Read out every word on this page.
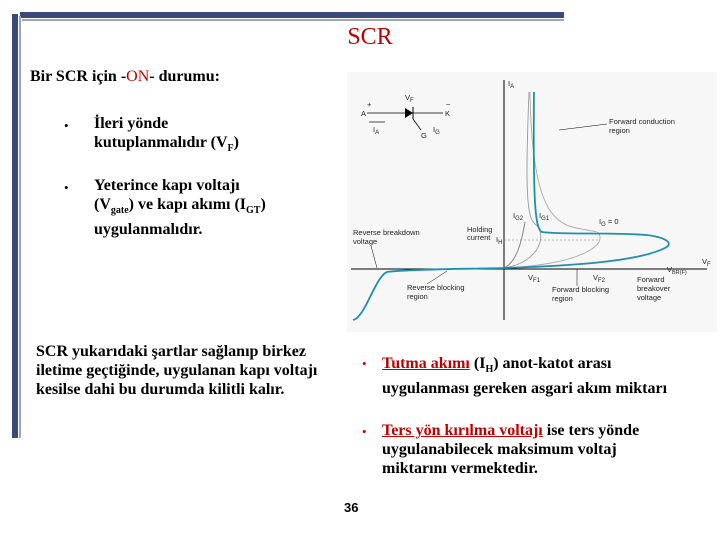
SCR
Bir SCR için -ON- durumu:
• İleri yönde
kutuplanmalıdır $(V_F)$
• Yeterince kapı voltajı
$(V_{gate})$ ve kapı akımı $(I_{GT})$
uygulanmalıdır.
SCR yukarıdaki şartlar sağlanıp birkez iletime geçtiğinde, uygulanan kapı voltajı kesilse dahi bu durumda kilitli kalır.
• Tutma akımı $(I_H)$ anot-katot arası uygulanması gereken asgari akım miktarı
• Ters yön kırılma voltajı ise ters yönde uygulanabilecek maksimum voltaj miktarını vermektedir.
36
$I_A$
$V_F$
+
A
G
K
−
$V_F$
$I_A$	$I_G$
Forward conduction
region
$I_{G2}$ $I_{G1}$	$I_G = 0$
Holding
current $I_H$
Reverse breakdown
voltage
$V_{F1}$	$V_{F2}$
$V_{BR(F)}$
Forward
breakover
voltage
Reverse blocking
region
Forward blocking
region
